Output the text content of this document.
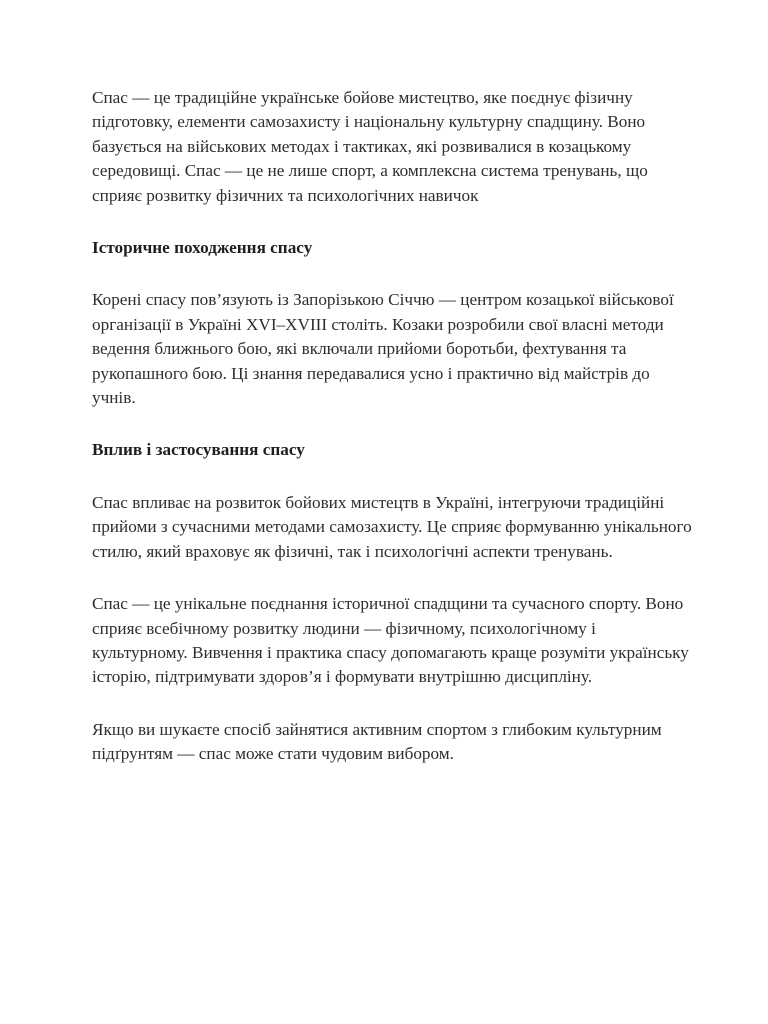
Спас — це традиційне українське бойове мистецтво, яке поєднує фізичну підготовку, елементи самозахисту і національну культурну спадщину. Воно базується на військових методах і тактиках, які розвивалися в козацькому середовищі. Спас — це не лише спорт, а комплексна система тренувань, що сприяє розвитку фізичних та психологічних навичок

Історичне походження спасу

Корені спасу пов’язують із Запорізькою Січчю — центром козацької військової організації в Україні XVI–XVIII століть. Козаки розробили свої власні методи ведення ближнього бою, які включали прийоми боротьби, фехтування та рукопашного бою. Ці знання передавалися усно і практично від майстрів до учнів.

Вплив і застосування спасу

Спас впливає на розвиток бойових мистецтв в Україні, інтегруючи традиційні прийоми з сучасними методами самозахисту. Це сприяє формуванню унікального стилю, який враховує як фізичні, так і психологічні аспекти тренувань.

Спас — це унікальне поєднання історичної спадщини та сучасного спорту. Воно сприяє всебічному розвитку людини — фізичному, психологічному і культурному. Вивчення і практика спасу допомагають краще розуміти українську історію, підтримувати здоров’я і формувати внутрішню дисципліну.

Якщо ви шукаєте спосіб зайнятися активним спортом з глибоким культурним підґрунтям — спас може стати чудовим вибором.
